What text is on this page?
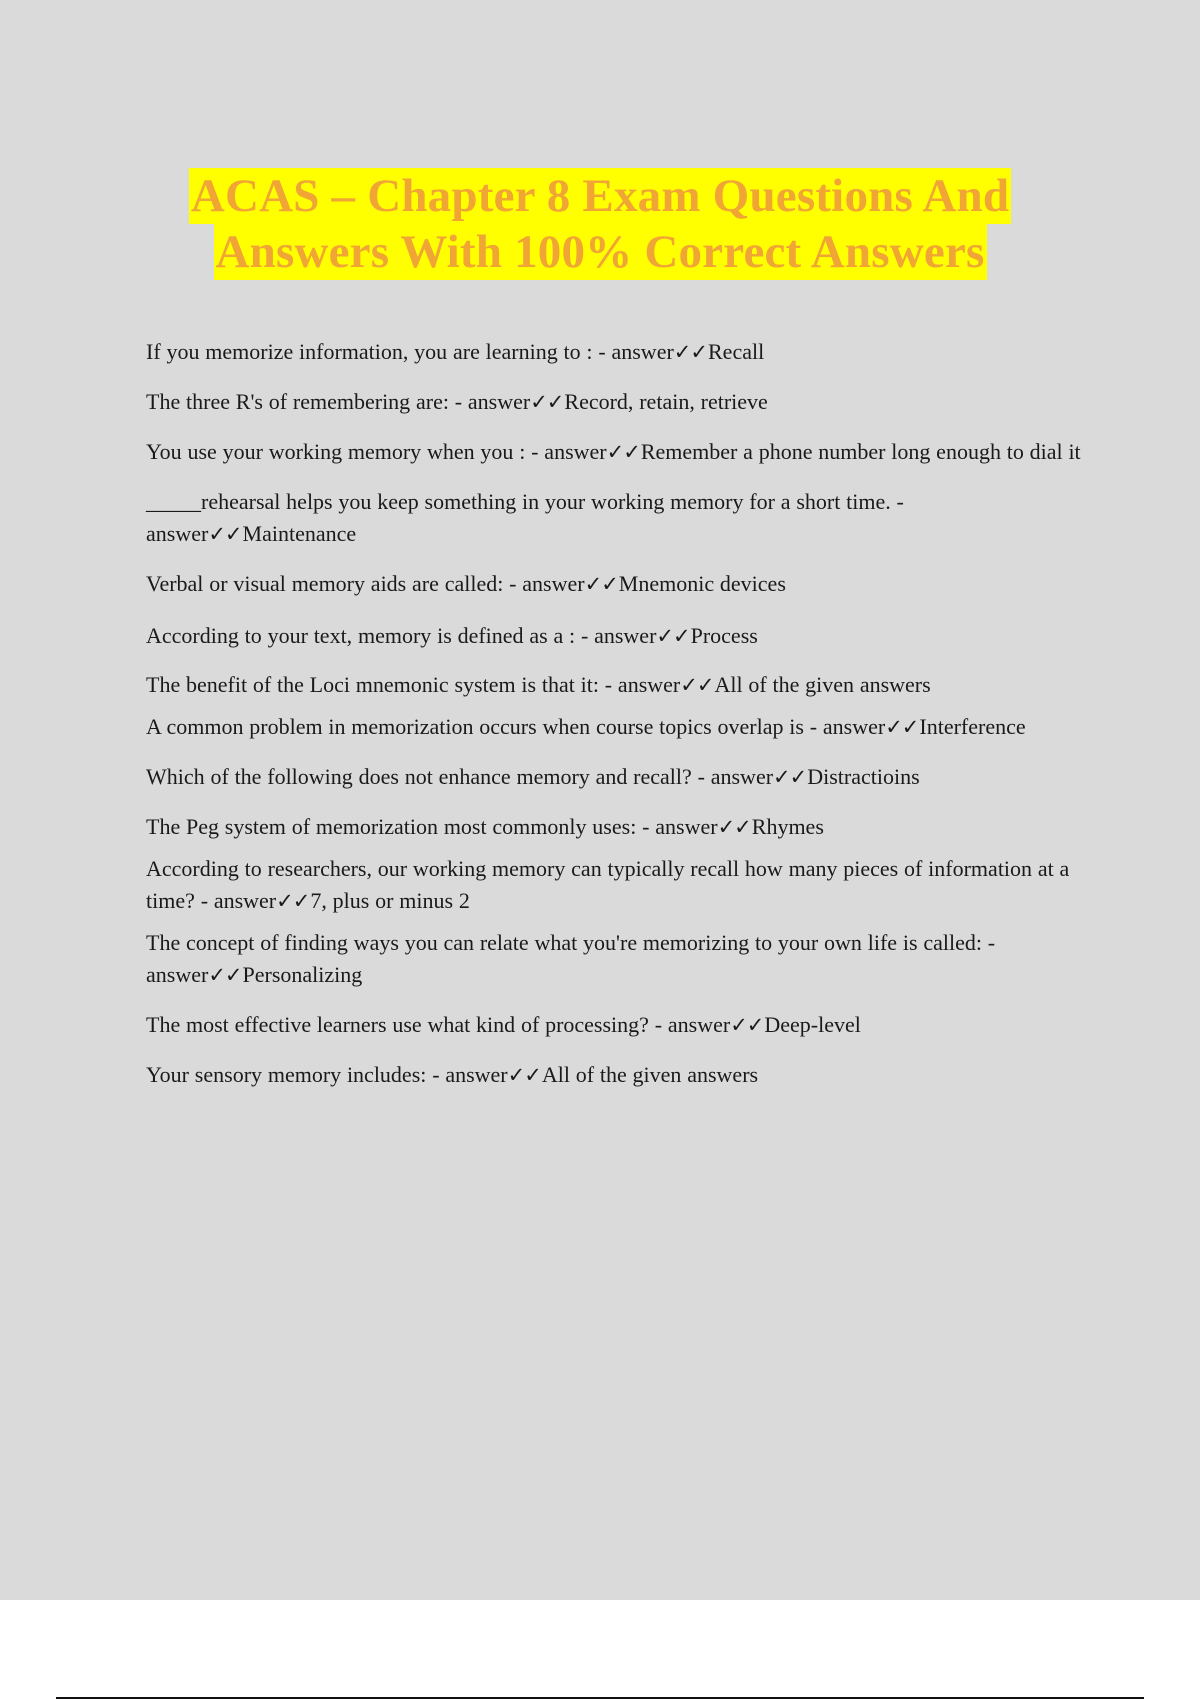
ACAS – Chapter 8 Exam Questions And
Answers With 100% Correct Answers

If you memorize information, you are learning to : - answer✓✓Recall

The three R's of remembering are: - answer✓✓Record, retain, retrieve

You use your working memory when you : - answer✓✓Remember a phone number long enough to dial it

_____rehearsal helps you keep something in your working memory for a short time. - answer✓✓Maintenance

Verbal or visual memory aids are called: - answer✓✓Mnemonic devices

According to your text, memory is defined as a : - answer✓✓Process

The benefit of the Loci mnemonic system is that it: - answer✓✓All of the given answers

A common problem in memorization occurs when course topics overlap is - answer✓✓Interference

Which of the following does not enhance memory and recall? - answer✓✓Distractioins

The Peg system of memorization most commonly uses: - answer✓✓Rhymes

According to researchers, our working memory can typically recall how many pieces of information at a time? - answer✓✓7, plus or minus 2

The concept of finding ways you can relate what you're memorizing to your own life is called: - answer✓✓Personalizing

The most effective learners use what kind of processing? - answer✓✓Deep-level

Your sensory memory includes: - answer✓✓All of the given answers
